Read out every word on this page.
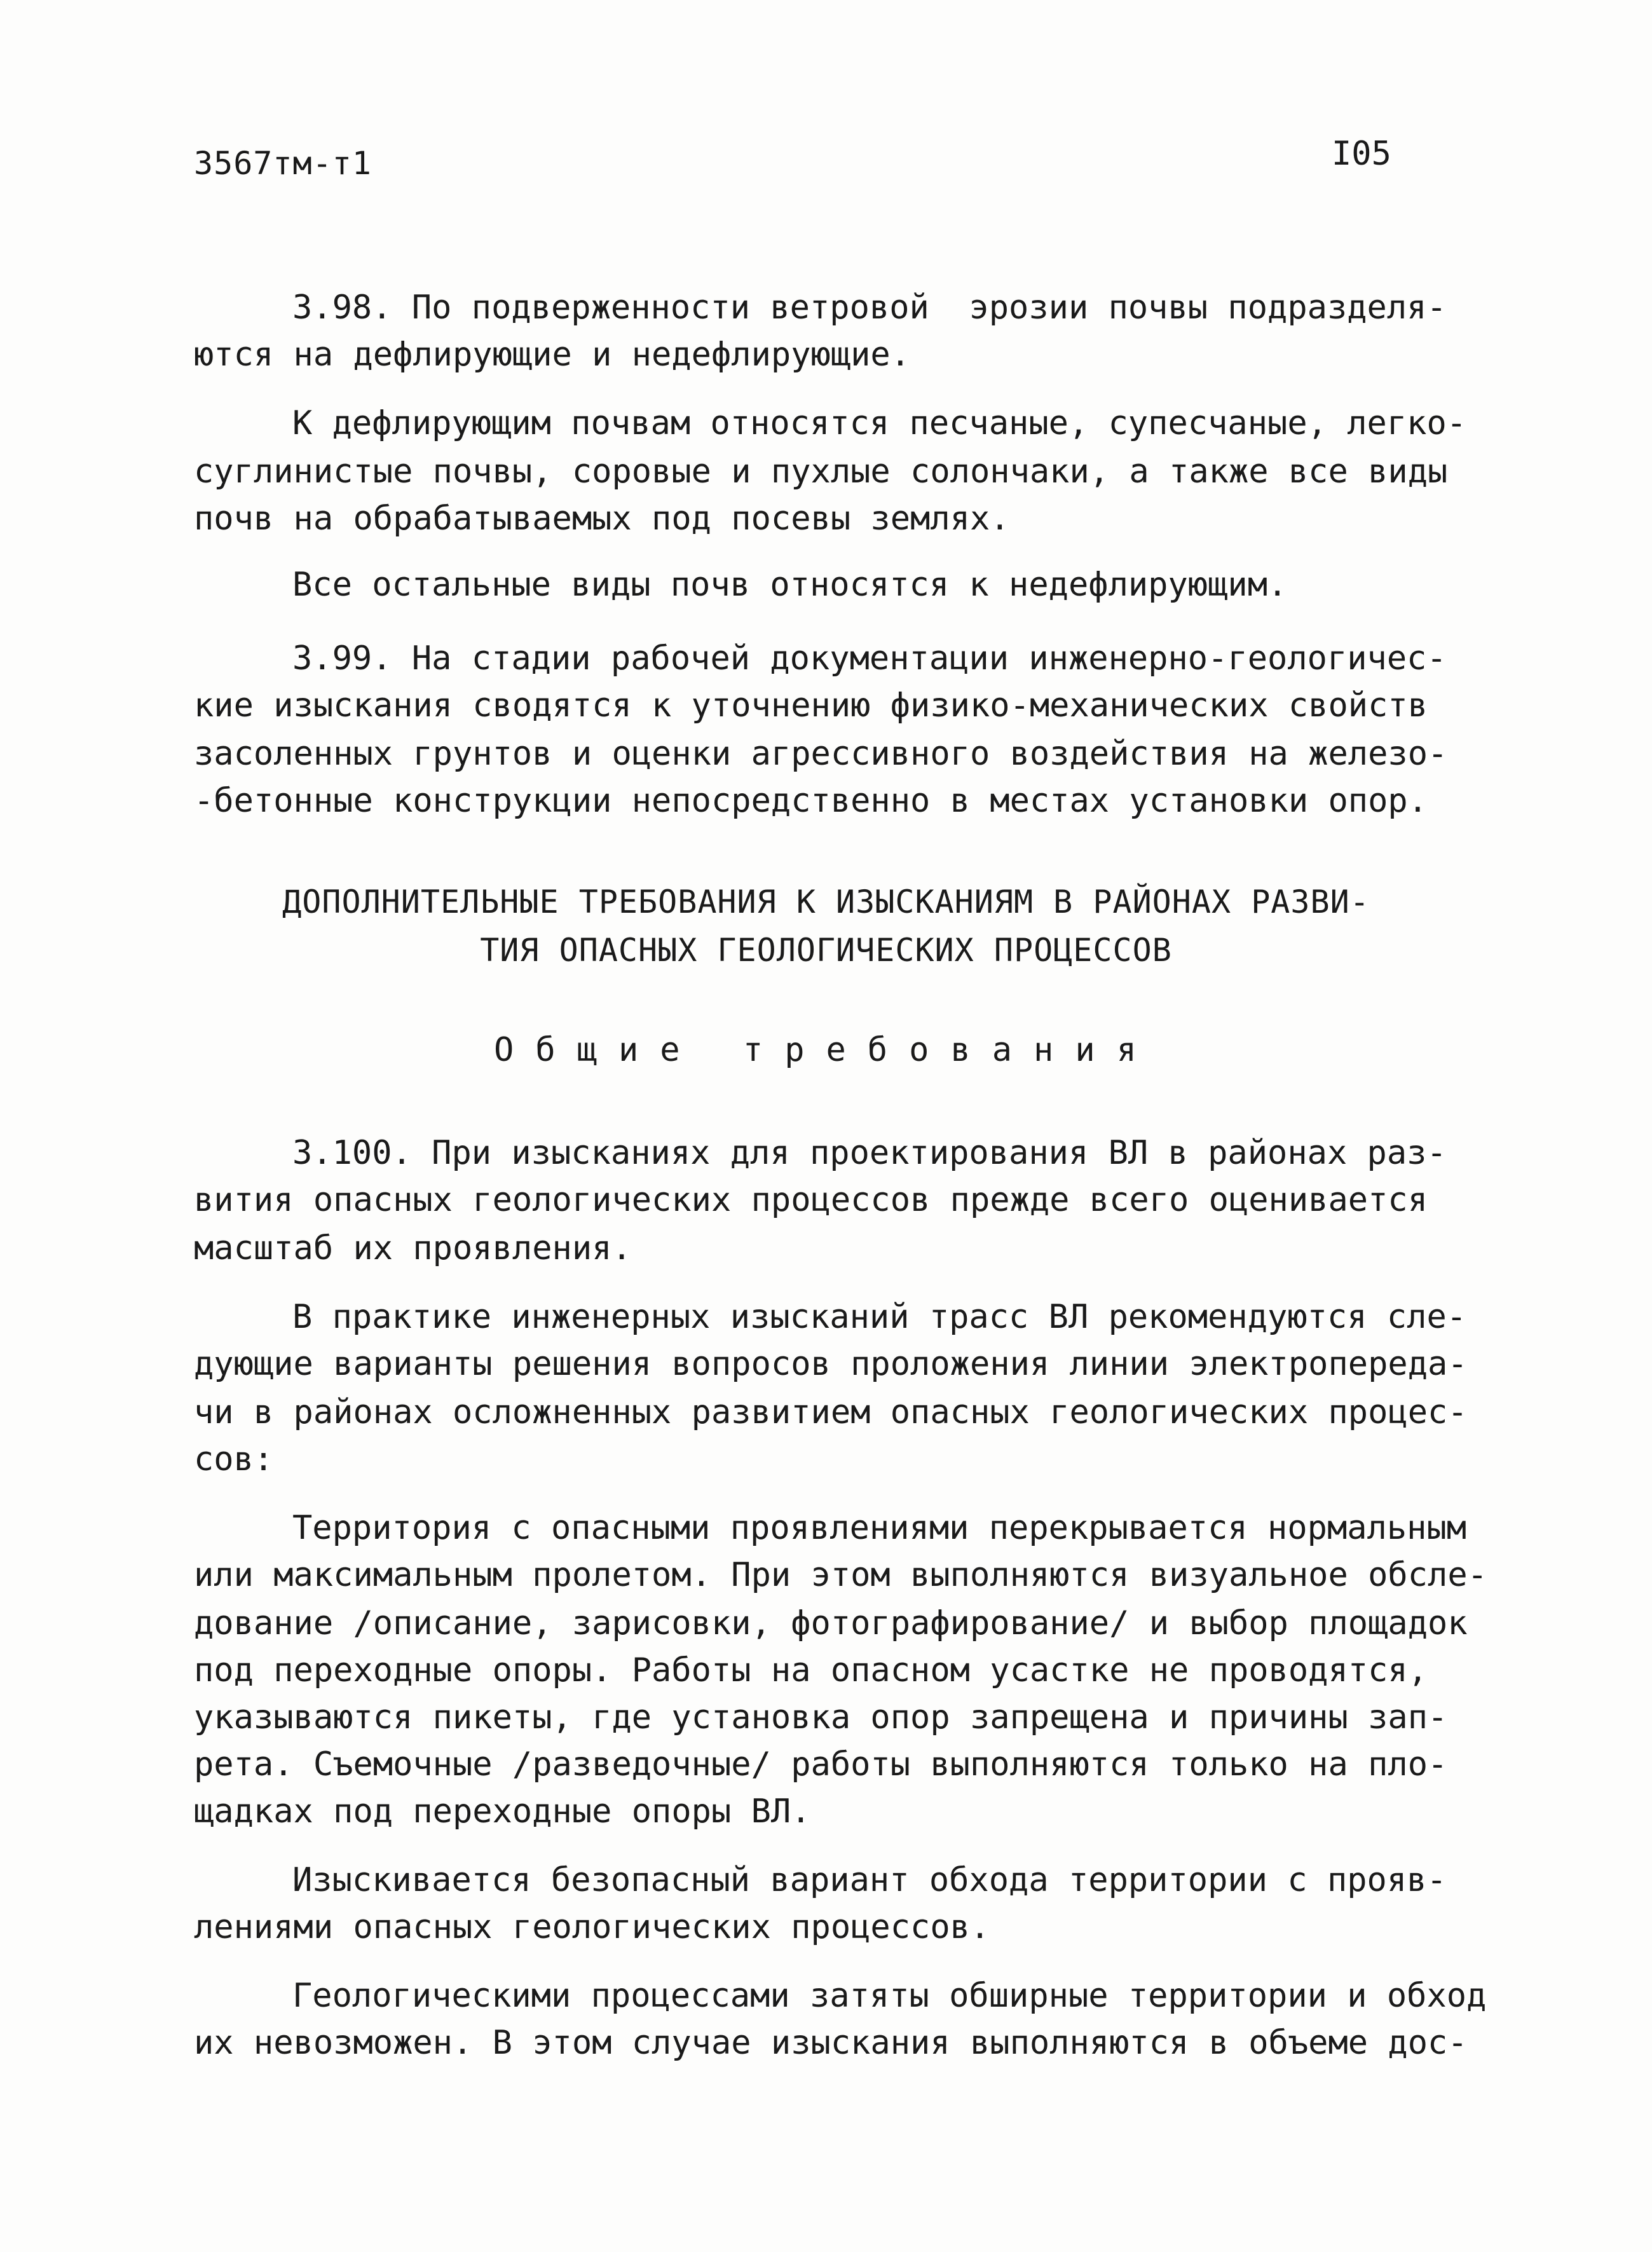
3567тм-т1	I05
3.98. По подверженности ветровой  эрозии почвы подразделя-
ются на дефлирующие и недефлирующие.
К дефлирующим почвам относятся песчаные, супесчаные, легко-
суглинистые почвы, соровые и пухлые солончаки, а также все виды
почв на обрабатываемых под посевы землях.
Все остальные виды почв относятся к недефлирующим.
3.99. На стадии рабочей документации инженерно-геологичес-
кие изыскания сводятся к уточнению физико-механических свойств
засоленных грунтов и оценки агрессивного воздействия на железо-
-бетонные конструкции непосредственно в местах установки опор.
ДОПОЛНИТЕЛЬНЫЕ ТРЕБОВАНИЯ К ИЗЫСКАНИЯМ В РАЙОНАХ РАЗВИ-
ТИЯ ОПАСНЫХ ГЕОЛОГИЧЕСКИХ ПРОЦЕССОВ
Общие требования
3.100. При изысканиях для проектирования ВЛ в районах раз-
вития опасных геологических процессов прежде всего оценивается
масштаб их проявления.
В практике инженерных изысканий трасс ВЛ рекомендуются сле-
дующие варианты решения вопросов проложения линии электропереда-
чи в районах осложненных развитием опасных геологических процес-
сов:
Территория с опасными проявлениями перекрывается нормальным
или максимальным пролетом. При этом выполняются визуальное обсле-
дование /описание, зарисовки, фотографирование/ и выбор площадок
под переходные опоры. Работы на опасном усастке не проводятся,
указываются пикеты, где установка опор запрещена и причины зап-
рета. Съемочные /разведочные/ работы выполняются только на пло-
щадках под переходные опоры ВЛ.
Изыскивается безопасный вариант обхода территории с прояв-
лениями опасных геологических процессов.
Геологическими процессами затяты обширные территории и обход
их невозможен. В этом случае изыскания выполняются в объеме дос-
